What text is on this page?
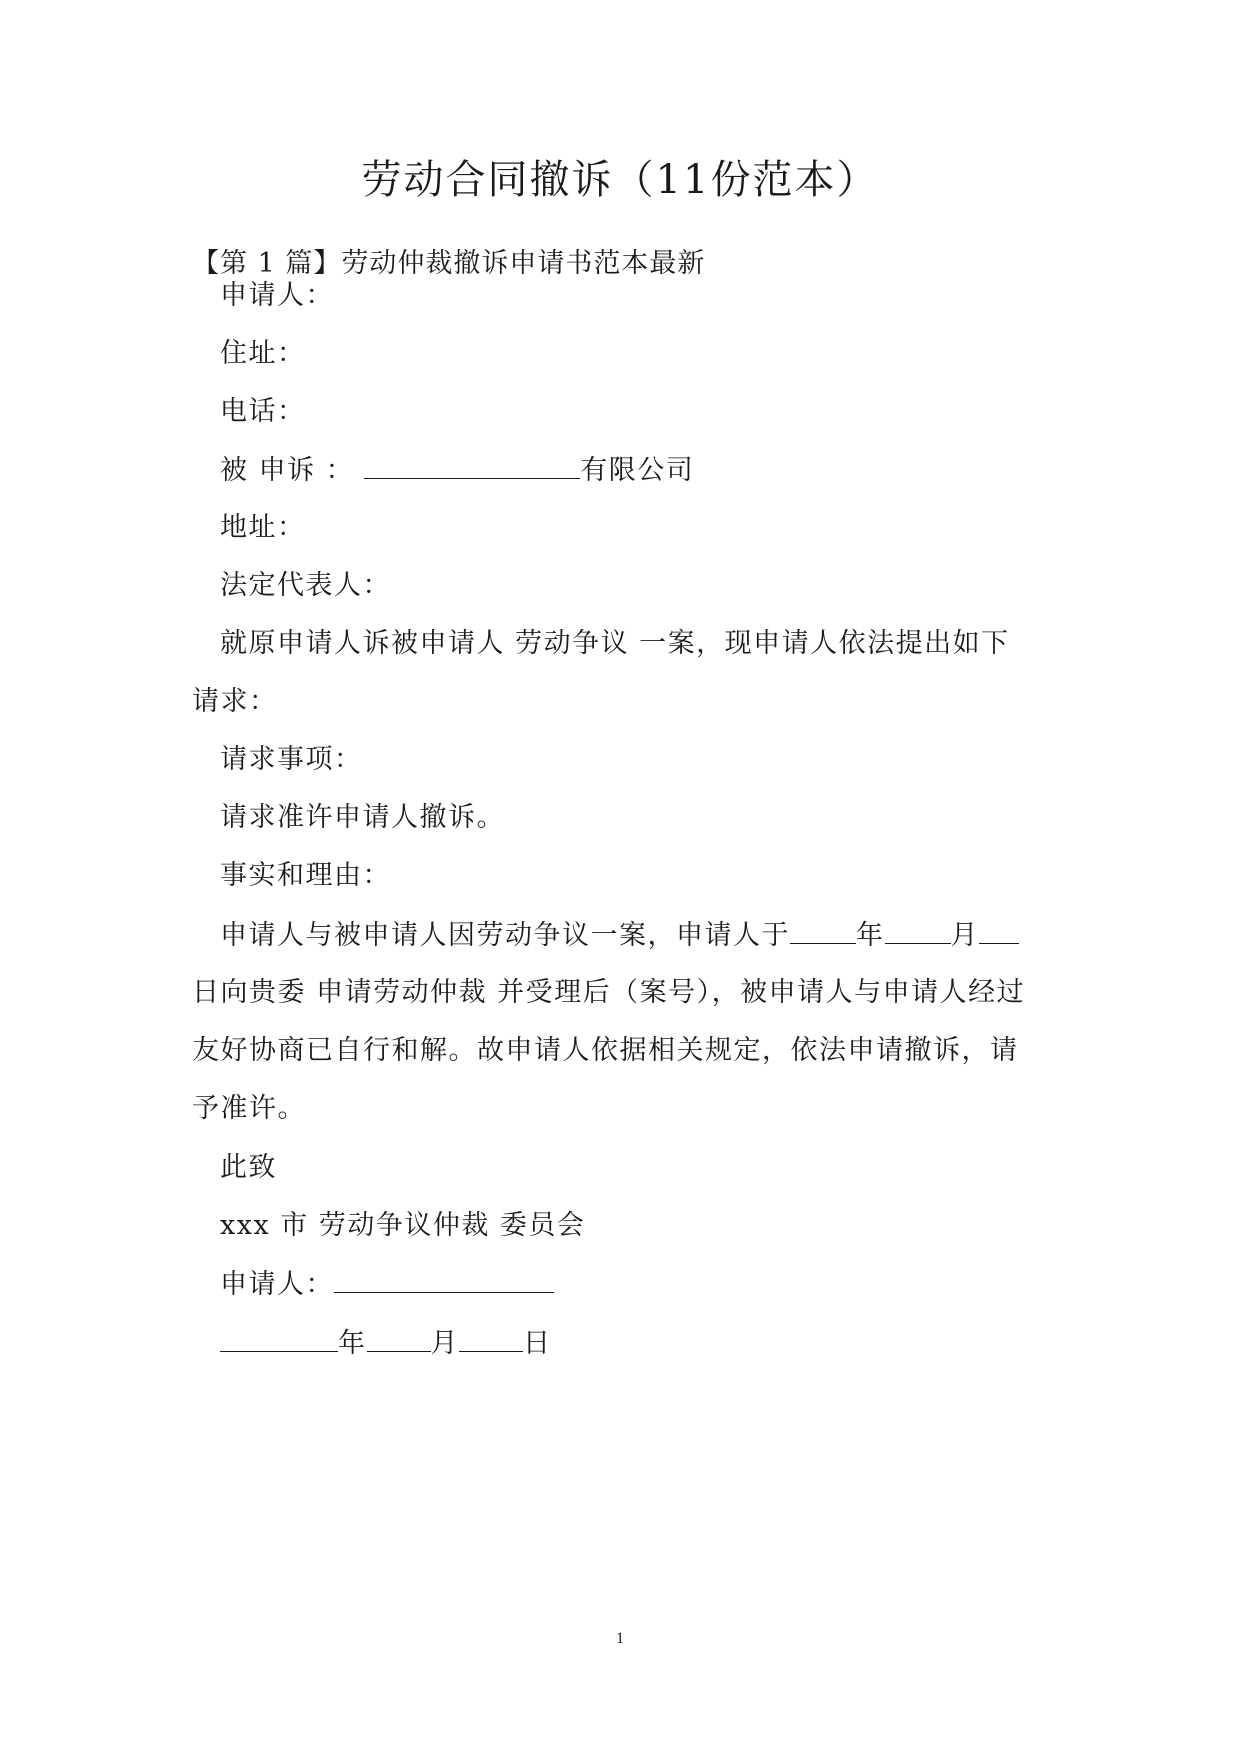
劳动合同撤诉（11份范本）
【第 1 篇】劳动仲裁撤诉申请书范本最新
申请人：
住址：
电话：
被 申诉 ：	有限公司
地址：
法定代表人：
就原申请人诉被申请人 劳动争议 一案，现申请人依法提出如下
请求：
请求事项：
请求准许申请人撤诉。
事实和理由：
申请人与被申请人因劳动争议一案，申请人于 年 月
日向贵委 申请劳动仲裁 并受理后（案号），被申请人与申请人经过
友好协商已自行和解。故申请人依据相关规定，依法申请撤诉，请
予准许。
此致
xxx 市 劳动争议仲裁 委员会
申请人：
年 月 日
1
